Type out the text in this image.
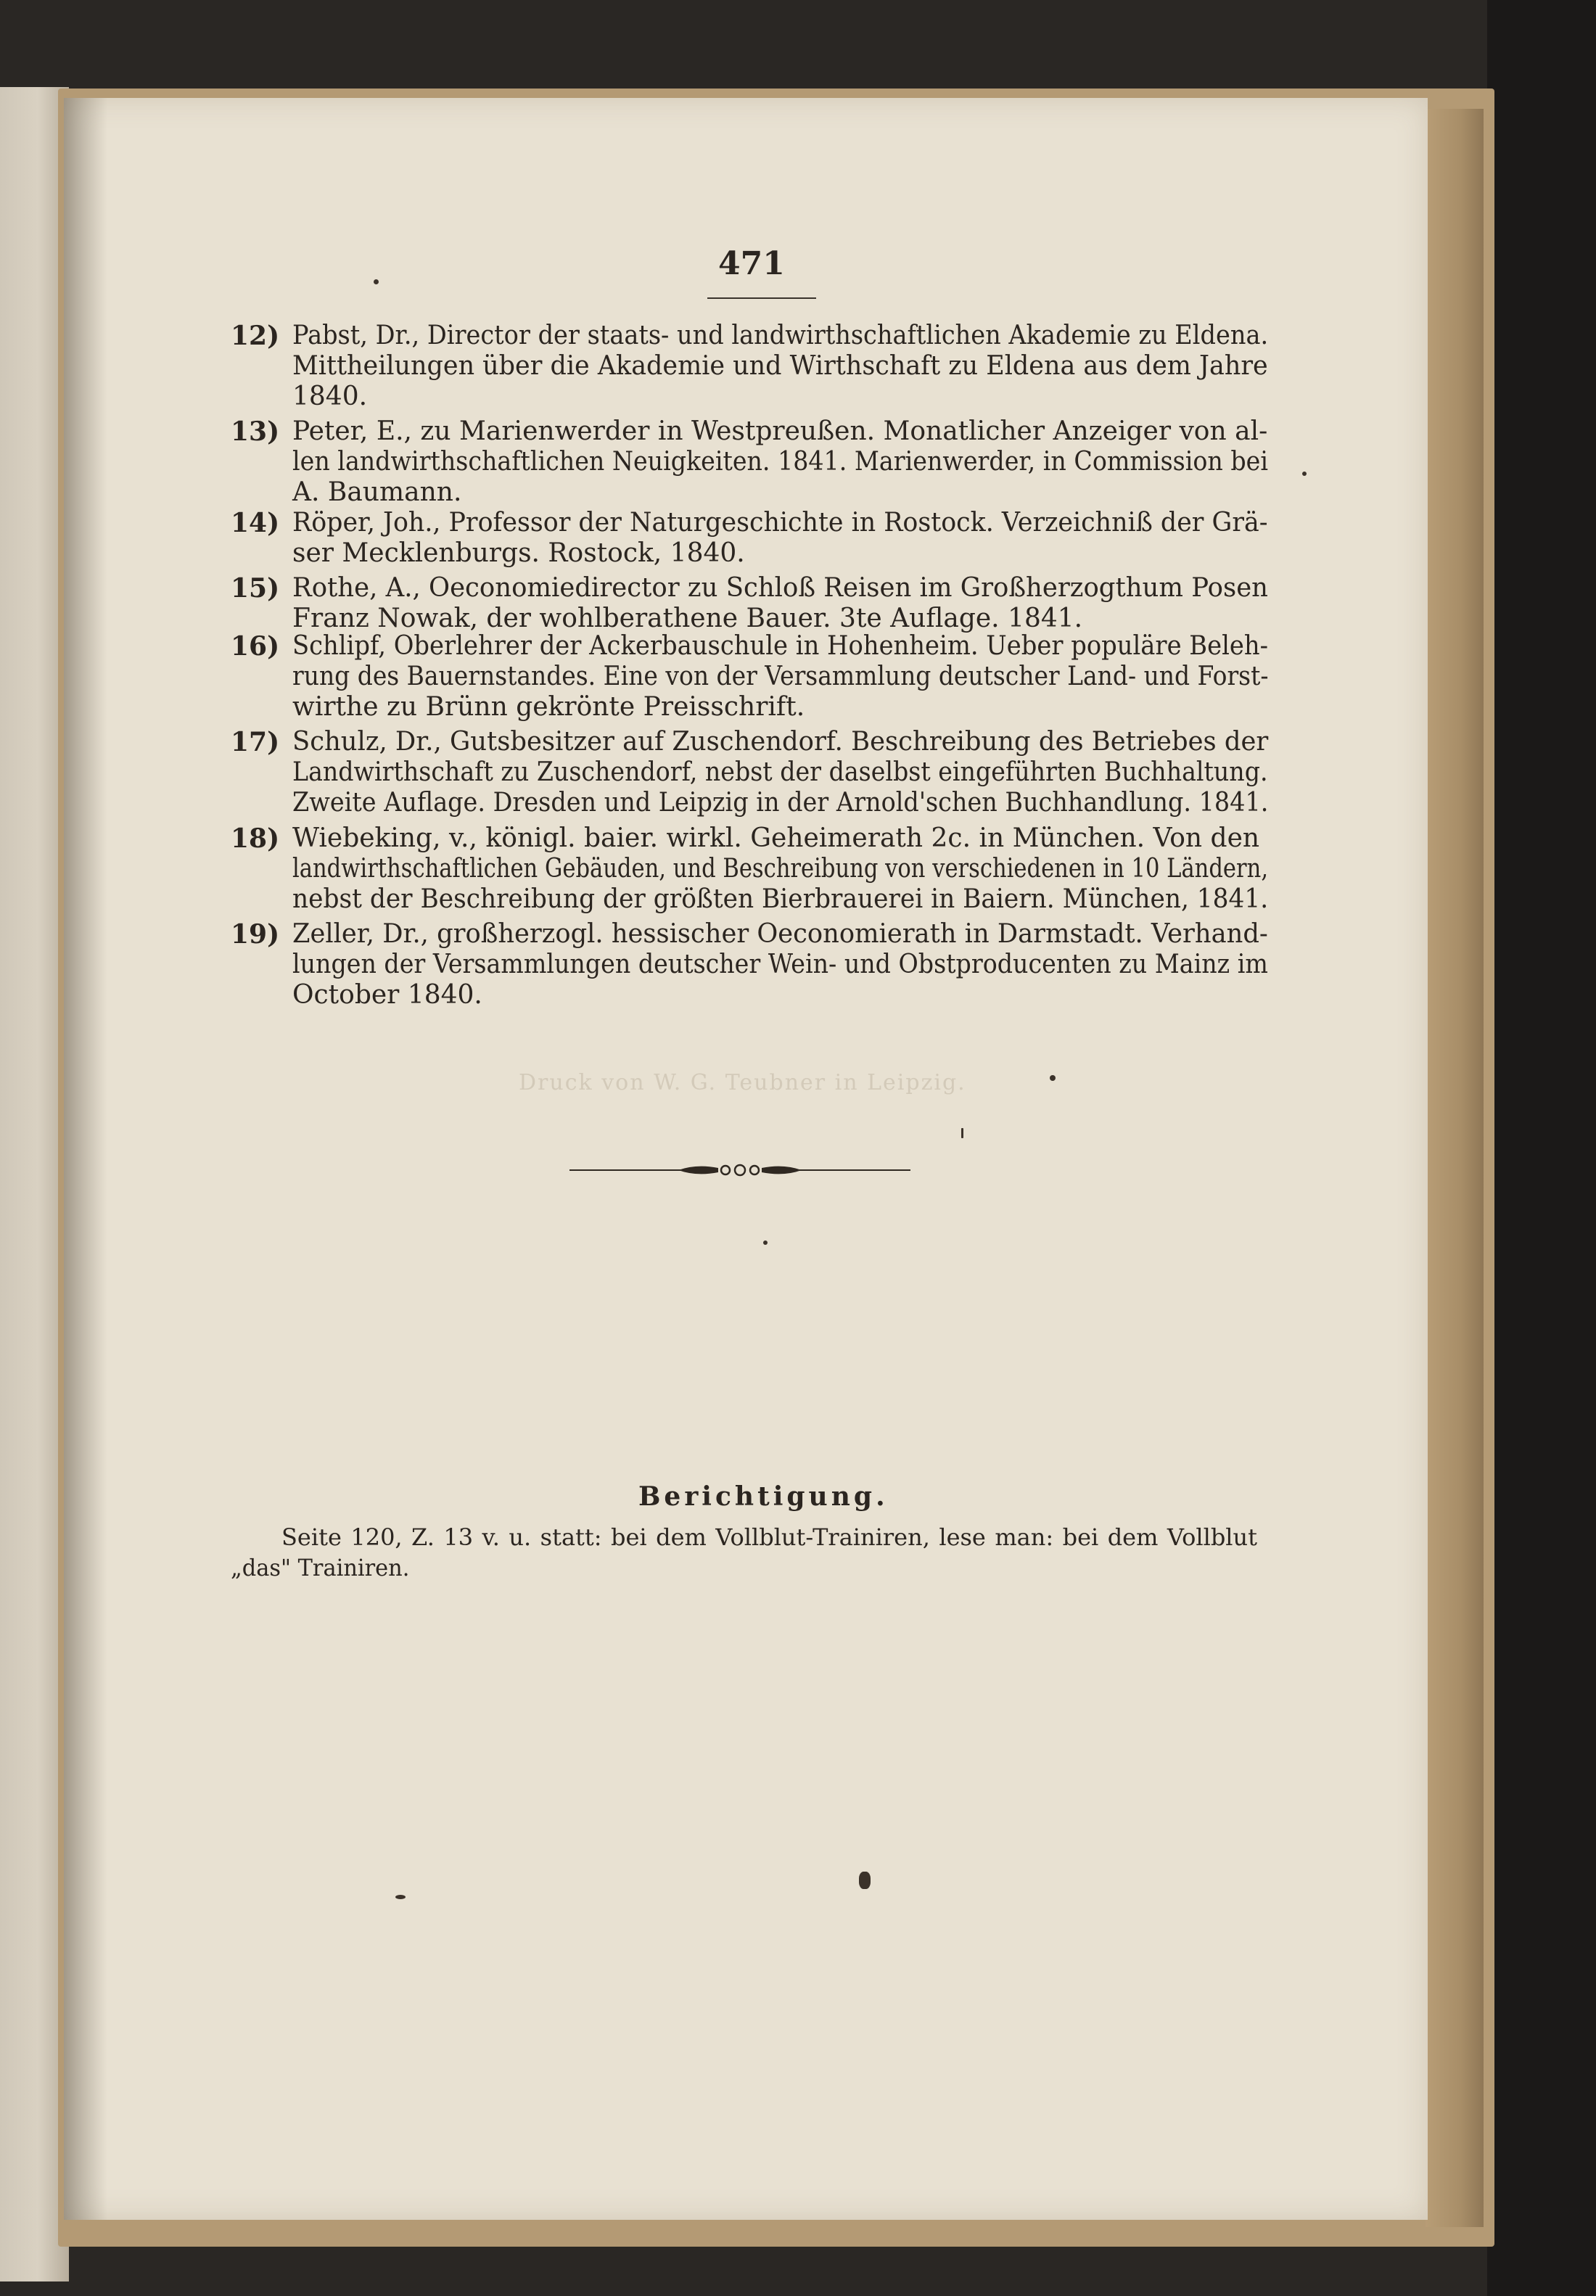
471
12) Pabst, Dr., Director der staats- und landwirthschaftlichen Akademie zu Eldena.
Mittheilungen über die Akademie und Wirthschaft zu Eldena aus dem Jahre
1840.
13) Peter, E., zu Marienwerder in Westpreußen. Monatlicher Anzeiger von al-
len landwirthschaftlichen Neuigkeiten. 1841. Marienwerder, in Commission bei
A. Baumann.
14) Röper, Joh., Professor der Naturgeschichte in Rostock. Verzeichniß der Grä-
ser Mecklenburgs. Rostock, 1840.
15) Rothe, A., Oeconomiedirector zu Schloß Reisen im Großherzogthum Posen
Franz Nowak, der wohlberathene Bauer. 3te Auflage. 1841.
16) Schlipf, Oberlehrer der Ackerbauschule in Hohenheim. Ueber populäre Beleh-
rung des Bauernstandes. Eine von der Versammlung deutscher Land- und Forst-
wirthe zu Brünn gekrönte Preisschrift.
17) Schulz, Dr., Gutsbesitzer auf Zuschendorf. Beschreibung des Betriebes der
Landwirthschaft zu Zuschendorf, nebst der daselbst eingeführten Buchhaltung.
Zweite Auflage. Dresden und Leipzig in der Arnold'schen Buchhandlung. 1841.
18) Wiebeking, v., königl. baier. wirkl. Geheimerath 2c. in München. Von den
landwirthschaftlichen Gebäuden, und Beschreibung von verschiedenen in 10 Ländern,
nebst der Beschreibung der größten Bierbrauerei in Baiern. München, 1841.
19) Zeller, Dr., großherzogl. hessischer Oeconomierath in Darmstadt. Verhand-
lungen der Versammlungen deutscher Wein- und Obstproducenten zu Mainz im
October 1840.
Druck von W. G. Teubner in Leipzig.
Berichtigung.
Seite 120, Z. 13 v. u. statt: bei dem Vollblut-Trainiren, lese man: bei dem Vollblut
„das" Trainiren.
